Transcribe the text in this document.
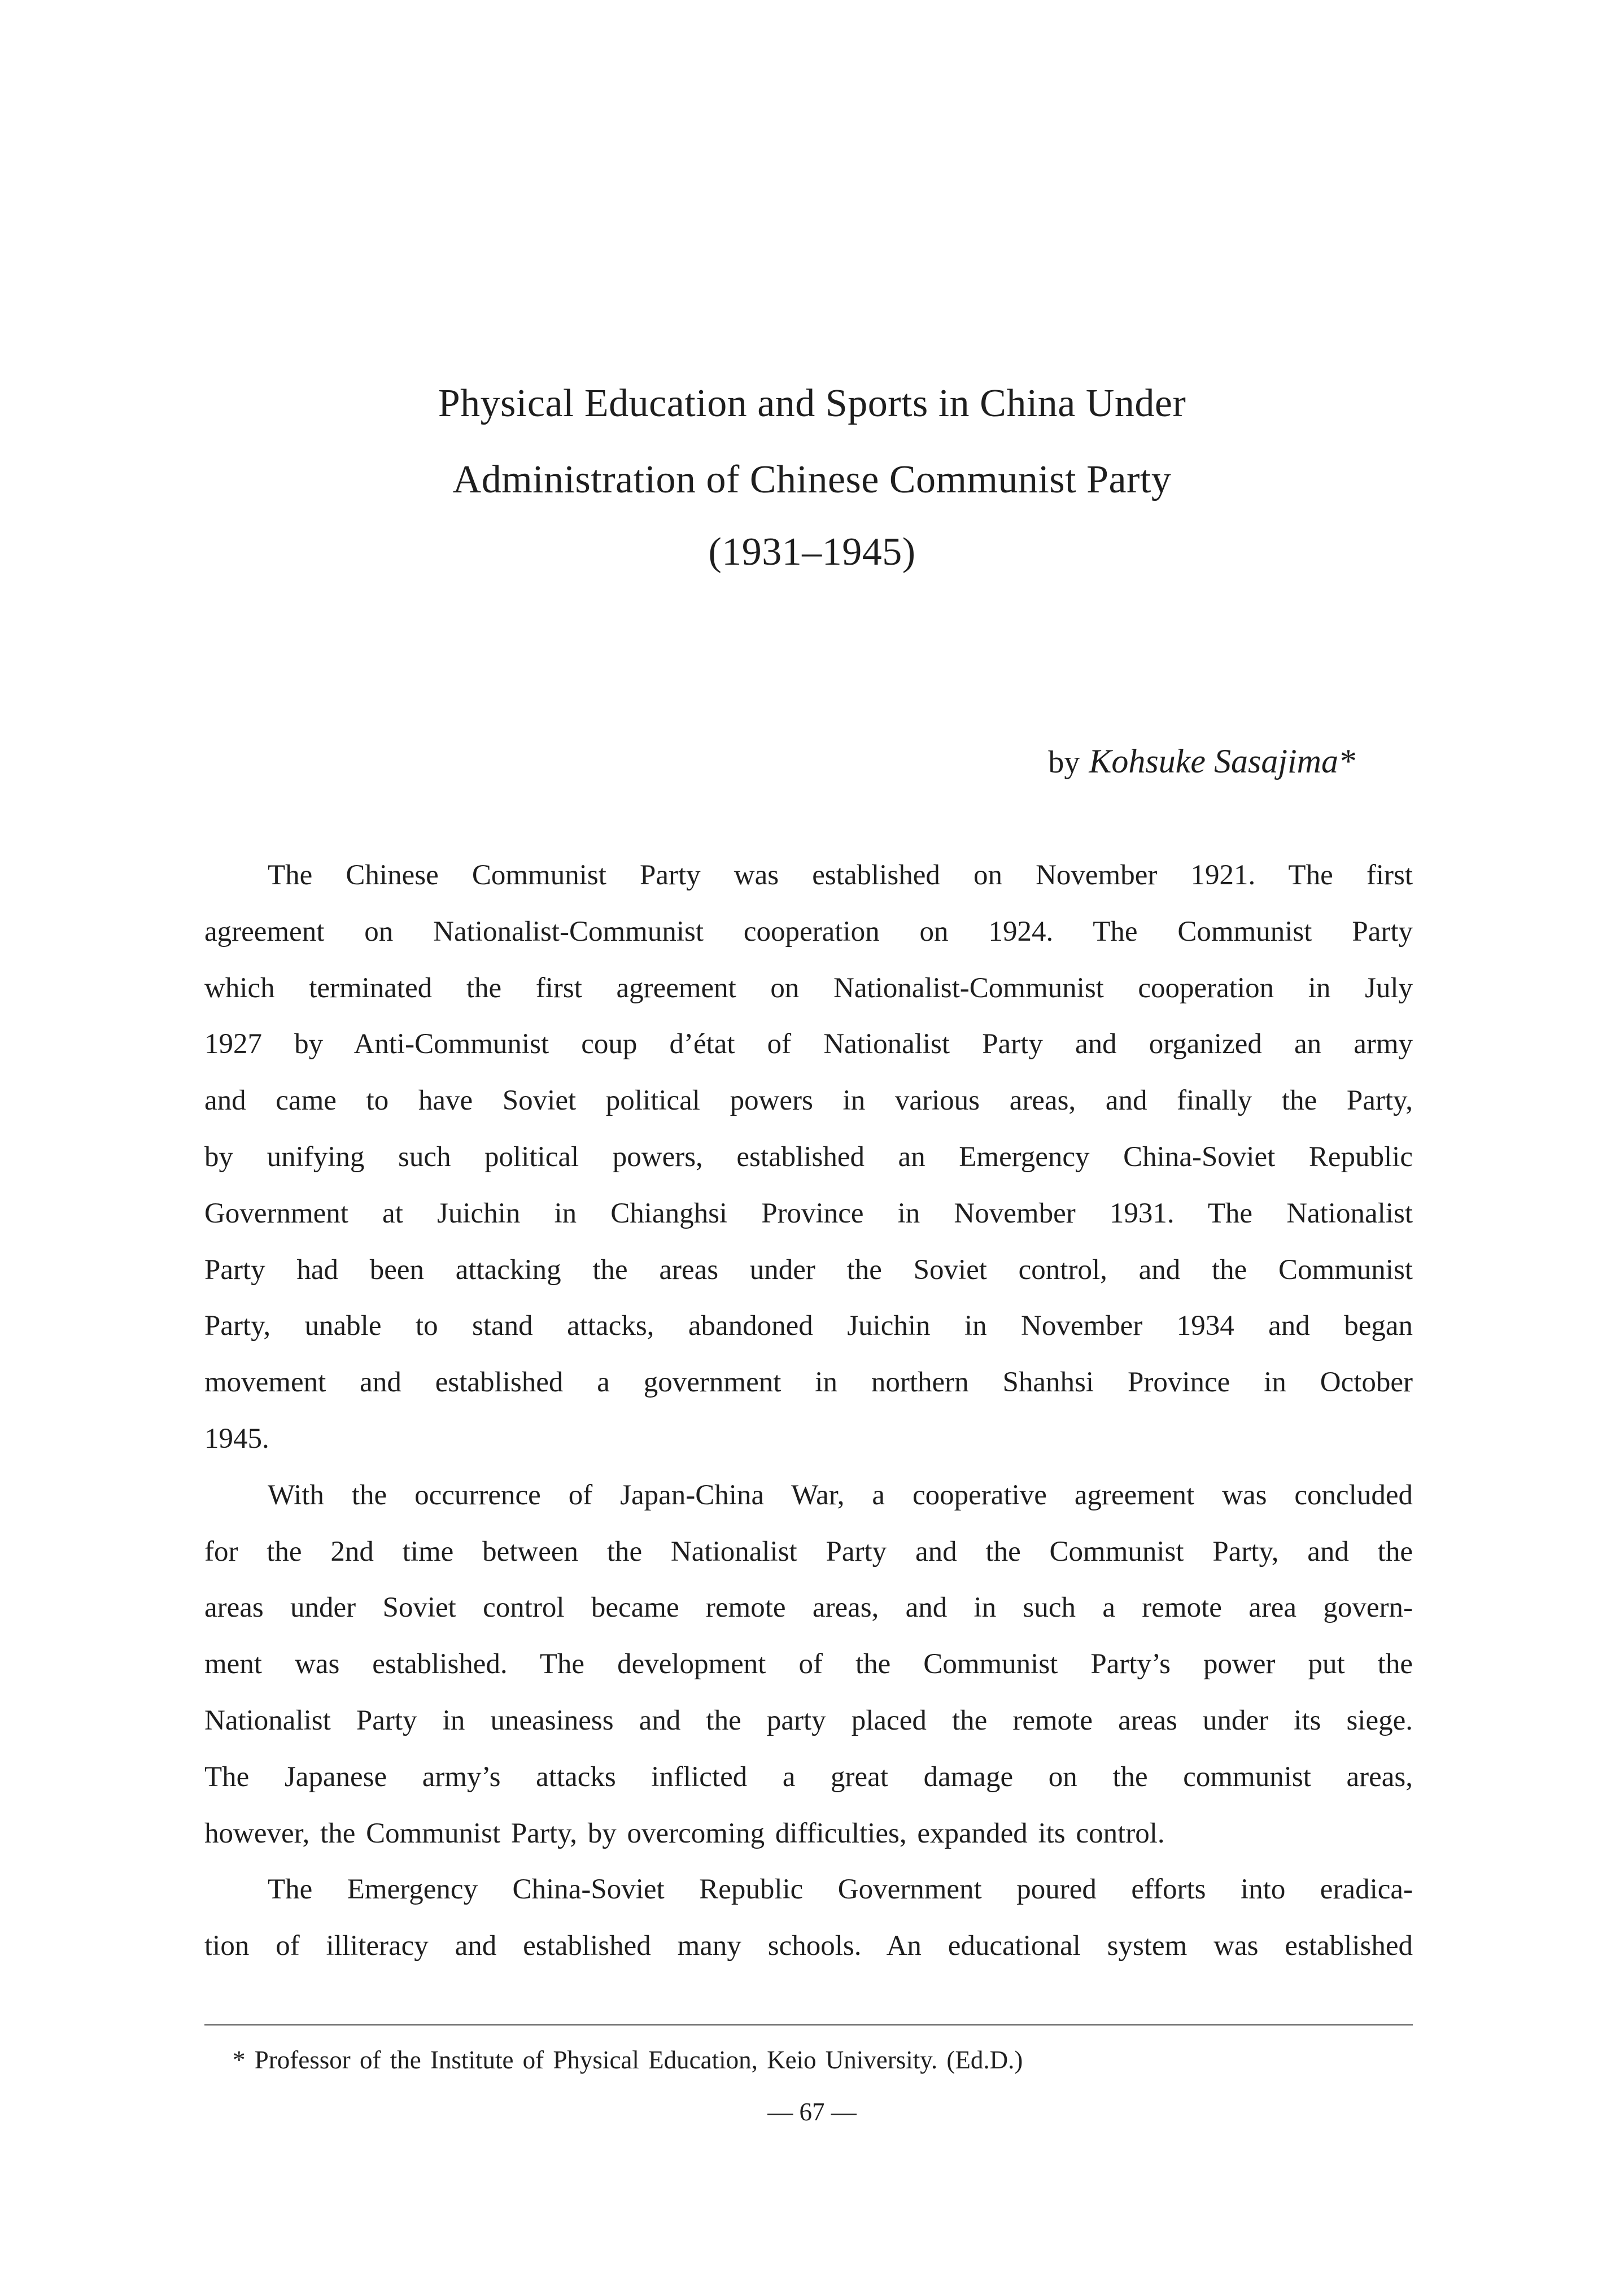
Physical Education and Sports in China Under
Administration of Chinese Communist Party
(1931–1945)
by Kohsuke Sasajima*
The Chinese Communist Party was established on November 1921. The first
agreement on Nationalist-Communist cooperation on 1924. The Communist Party
which terminated the first agreement on Nationalist-Communist cooperation in July
1927 by Anti-Communist coup d’état of Nationalist Party and organized an army
and came to have Soviet political powers in various areas, and finally the Party,
by unifying such political powers, established an Emergency China-Soviet Republic
Government at Juichin in Chianghsi Province in November 1931. The Nationalist
Party had been attacking the areas under the Soviet control, and the Communist
Party, unable to stand attacks, abandoned Juichin in November 1934 and began
movement and established a government in northern Shanhsi Province in October
1945.
With the occurrence of Japan-China War, a cooperative agreement was concluded
for the 2nd time between the Nationalist Party and the Communist Party, and the
areas under Soviet control became remote areas, and in such a remote area govern-
ment was established. The development of the Communist Party’s power put the
Nationalist Party in uneasiness and the party placed the remote areas under its siege.
The Japanese army’s attacks inflicted a great damage on the communist areas,
however, the Communist Party, by overcoming difficulties, expanded its control.
The Emergency China-Soviet Republic Government poured efforts into eradica-
tion of illiteracy and established many schools. An educational system was established
* Professor of the Institute of Physical Education, Keio University. (Ed.D.)
— 67 —
